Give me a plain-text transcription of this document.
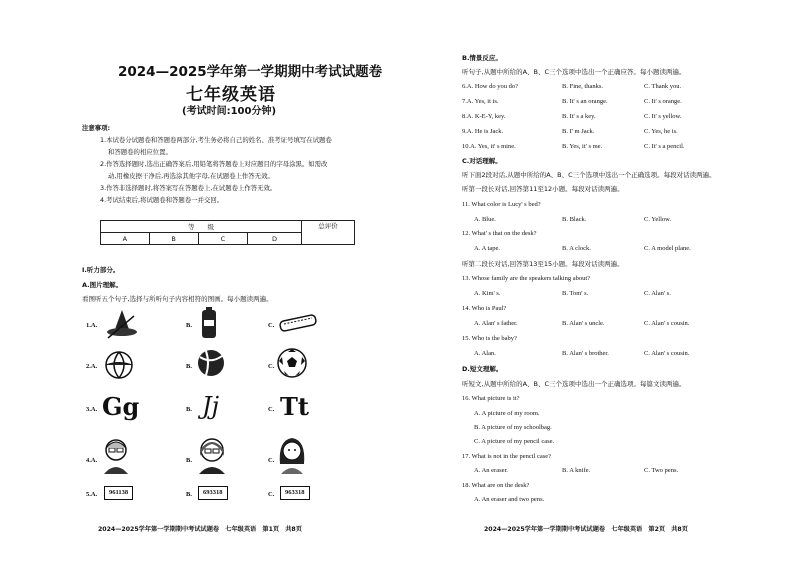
2024—2025学年第一学期期中考试试题卷
七年级英语
(考试时间:100分钟)
注意事项:
1.本试卷分试题卷和答题卷两部分,考生务必将自己的姓名、准考证号填写在试题卷
和答题卷的相应位置。
2.作答选择题时,选出正确答案后,用铅笔将答题卷上对应题目的字母涂黑。如需改
动,用橡皮擦干净后,再选涂其他字母,在试题卷上作答无效。
3.作答非选择题时,将答案写在答题卷上,在试题卷上作答无效。
4.考试结束后,将试题卷和答题卷一并交回。
等　　级				总评价
A	B	C	D	
Ⅰ.听力部分。
A.图片理解。
看图听五个句子,选择与所听句子内容相符的图画。每小题读两遍。
1.A.	B.	C.
2.A.	B.	C.
3.A. Gg	B. Jj	C. Tt
4.A.	B.	C.
5.A.	961138	B.	693318	C.	963318
2024—2025学年第一学期期中考试试题卷　七年级英语　第1页　共8页
B.情景反应。
听句子,从题中所给的A、B、C三个选项中选出一个正确应答。每小题读两遍。
6.A. How do you do?	B. Fine, thanks.	C. Thank you.
7.A. Yes, it is.	B. It' s an orange.	C. It' s orange.
8.A. K-E-Y, key.	B. It' s a key.	C. It' s yellow.
9.A. He is Jack.	B. I' m Jack.	C. Yes, he is.
10.A. Yes, it' s mine.	B. Yes, it' s me.	C. It' s a pencil.
C.对话理解。
听下面2段对话,从题中所给的A、B、C三个选项中选出一个正确选项。每段对话读两遍。
听第一段长对话,回答第11至12小题。每段对话读两遍。
11. What color is Lucy' s bed?
A. Blue.	B. Black.	C. Yellow.
12. What' s that on the desk?
A. A tape.	B. A clock.	C. A model plane.
听第二段长对话,回答第13至15小题。每段对话读两遍。
13. Whose family are the speakers talking about?
A. Kim' s.	B. Tom' s.	C. Alan' s.
14. Who is Paul?
A. Alan' s father.	B. Alan' s uncle.	C. Alan' s cousin.
15. Who is the baby?
A. Alan.	B. Alan' s brother.	C. Alan' s cousin.
D.短文理解。
听短文,从题中所给的A、B、C三个选项中选出一个正确选项。每篇文读两遍。
16. What picture is it?
A. A picture of my room.
B. A picture of my schoolbag.
C. A picture of my pencil case.
17. What is not in the pencil case?
A. An eraser.	B. A knife.	C. Two pens.
18. What are on the desk?
A. An eraser and two pens.
2024—2025学年第一学期期中考试试题卷　七年级英语　第2页　共8页
